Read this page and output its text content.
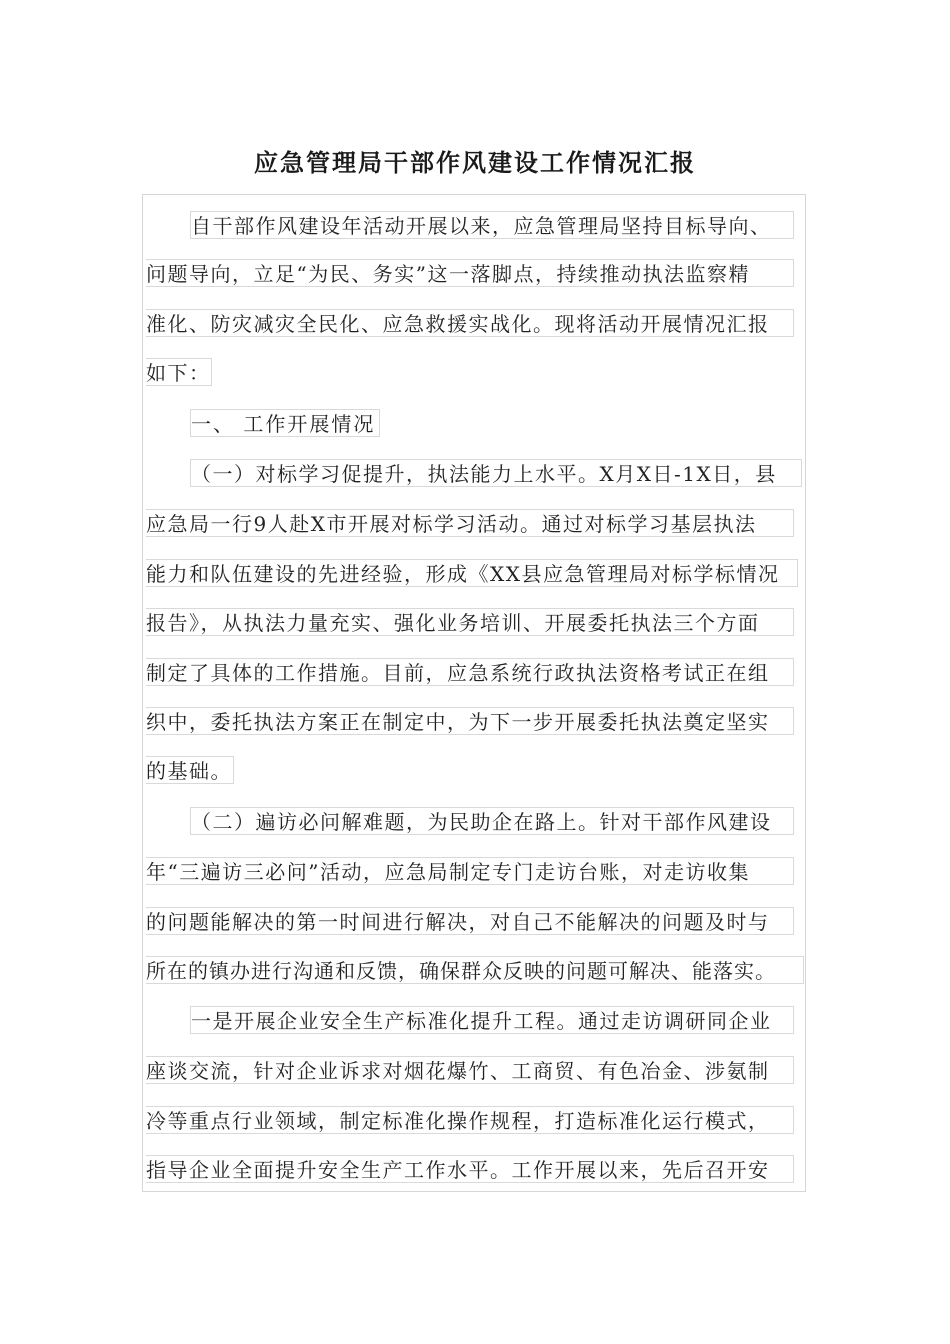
应急管理局干部作风建设工作情况汇报
自干部作风建设年活动开展以来，应急管理局坚持目标导向、
问题导向，立足“为民、务实”这一落脚点，持续推动执法监察精
准化、防灾减灾全民化、应急救援实战化。现将活动开展情况汇报
如下：
一、 工作开展情况
（一）对标学习促提升，执法能力上水平。X月X日-1X日，县
应急局一行9人赴X市开展对标学习活动。通过对标学习基层执法
能力和队伍建设的先进经验，形成《XX县应急管理局对标学标情况
报告》，从执法力量充实、强化业务培训、开展委托执法三个方面
制定了具体的工作措施。目前，应急系统行政执法资格考试正在组
织中，委托执法方案正在制定中，为下一步开展委托执法奠定坚实
的基础。
（二）遍访必问解难题，为民助企在路上。针对干部作风建设
年“三遍访三必问”活动，应急局制定专门走访台账，对走访收集
的问题能解决的第一时间进行解决，对自己不能解决的问题及时与
所在的镇办进行沟通和反馈，确保群众反映的问题可解决、能落实。
一是开展企业安全生产标准化提升工程。通过走访调研同企业
座谈交流，针对企业诉求对烟花爆竹、工商贸、有色冶金、涉氨制
冷等重点行业领域，制定标准化操作规程，打造标准化运行模式，
指导企业全面提升安全生产工作水平。工作开展以来，先后召开安
